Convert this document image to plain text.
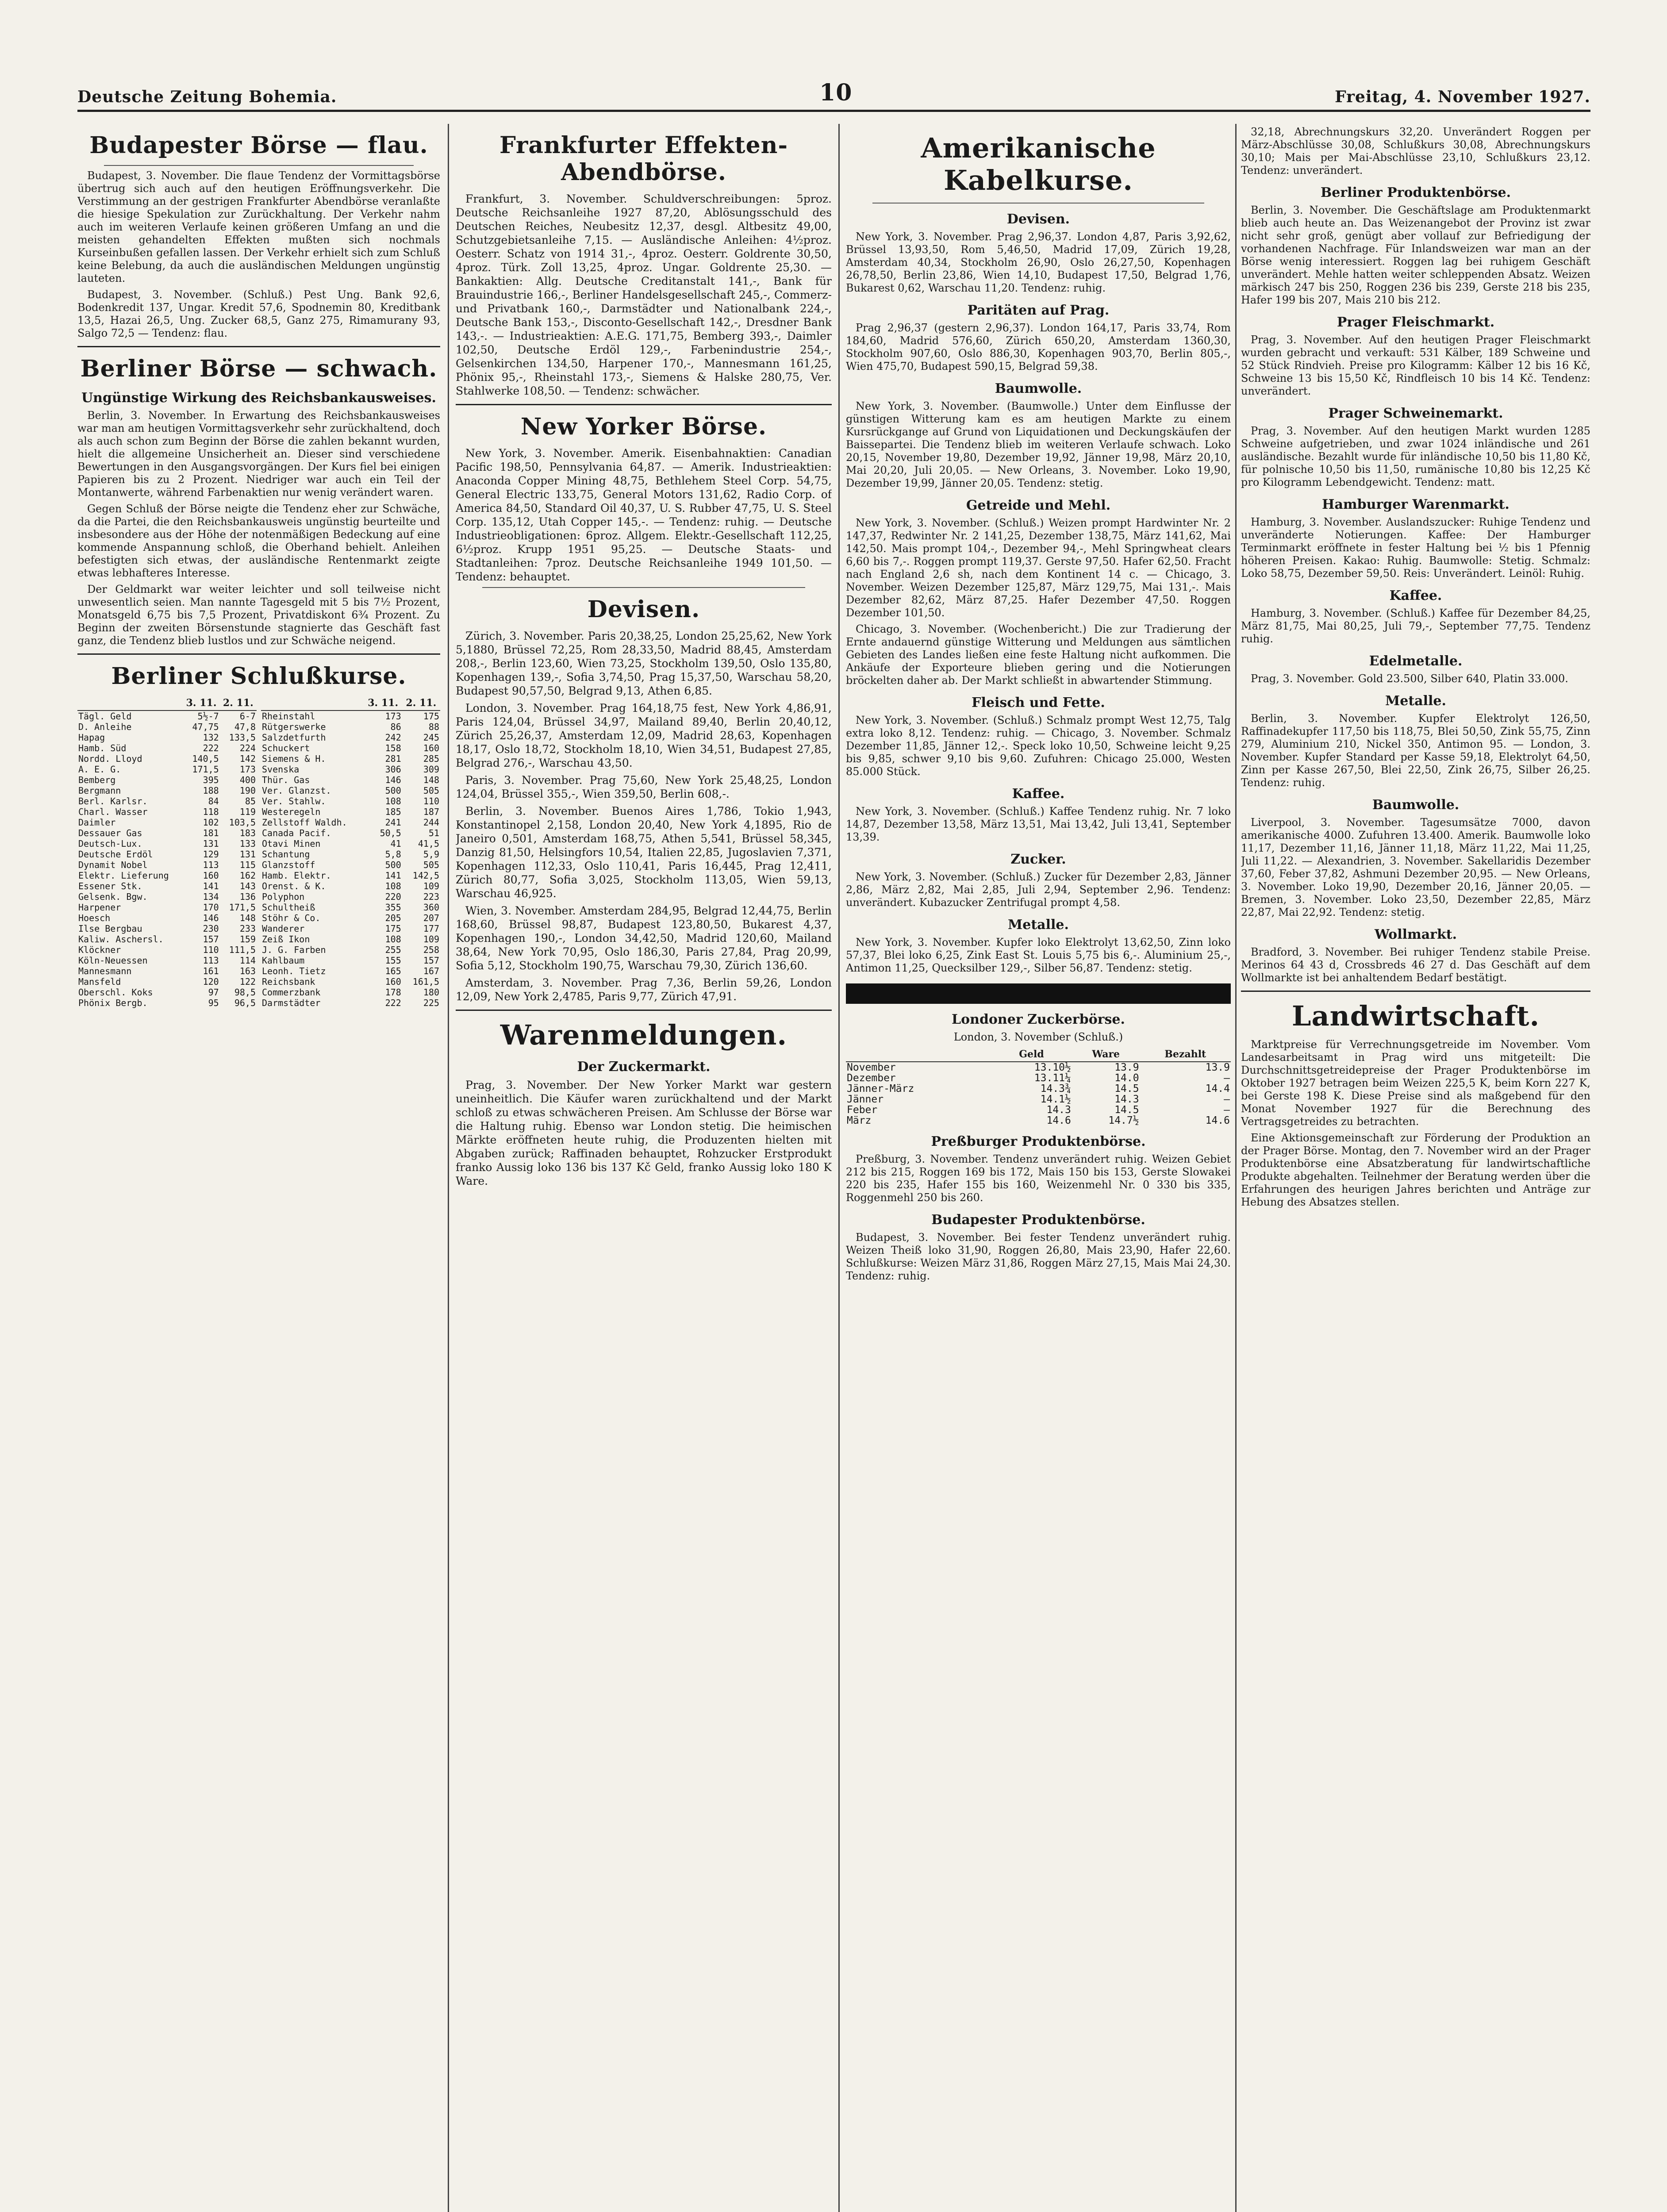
Deutsche Zeitung Bohemia.	10	Freitag, 4. November 1927.
Budapester Börse — flau.

Budapest, 3. November. Die flaue Tendenz der Vormittagsbörse übertrug sich auch auf den heutigen Eröffnungsverkehr. Die Verstimmung an der gestrigen Frankfurter Abendbörse veranlaßte die hiesige Spekulation zur Zurückhaltung. Der Verkehr nahm auch im weiteren Verlaufe keinen größeren Umfang an und die meisten gehandelten Effekten mußten sich nochmals Kurseinbußen gefallen lassen. Der Verkehr erhielt sich zum Schluß keine Belebung, da auch die ausländischen Meldungen ungünstig lauteten.

Budapest, 3. November. (Schluß.) Pest Ung. Bank 92,6, Bodenkredit 137, Ungar. Kredit 57,6, Spodnemin 80, Kreditbank 13,5, Hazai 26,5, Ung. Zucker 68,5, Ganz 275, Rimamurany 93, Salgo 72,5 — Tendenz: flau.

Berliner Börse — schwach.
Ungünstige Wirkung des Reichsbankausweises.

Berlin, 3. November. In Erwartung des Reichsbankausweises war man am heutigen Vormittagsverkehr sehr zurückhaltend, doch als auch schon zum Beginn der Börse die zahlen bekannt wurden, hielt die allgemeine Unsicherheit an. Dieser sind verschiedene Bewertungen in den Ausgangsvorgängen. Der Kurs fiel bei einigen Papieren bis zu 2 Prozent. Niedriger war auch ein Teil der Montanwerte, während Farbenaktien nur wenig verändert waren.

Gegen Schluß der Börse neigte die Tendenz eher zur Schwäche, da die Partei, die den Reichsbankausweis ungünstig beurteilte und insbesondere aus der Höhe der notenmäßigen Bedeckung auf eine kommende Anspannung schloß, die Oberhand behielt. Anleihen befestigten sich etwas, der ausländische Rentenmarkt zeigte etwas lebhafteres Interesse.

Der Geldmarkt war weiter leichter und soll teilweise nicht unwesentlich seien. Man nannte Tagesgeld mit 5 bis 7½ Prozent, Monatsgeld 6,75 bis 7,5 Prozent, Privatdiskont 6¾ Prozent. Zu Beginn der zweiten Börsenstunde stagnierte das Geschäft fast ganz, die Tendenz blieb lustlos und zur Schwäche neigend.

Berliner Schlußkurse.
	3. 11.	2. 11.
Tägl. Geld	5½-7	6-7
D. Anleihe	47,75	47,8
Hapag	132	133,5
Hamb. Süd	222	224
Nordd. Lloyd	140,5	142
A. E. G.	171,5	173
Bemberg	395	400
Bergmann	188	190
Berl. Karlsr.	84	85
Charl. Wasser	118	119
Daimler	102	103,5
Dessauer Gas	181	183
Deutsch-Lux.	131	133
Deutsche Erdöl	129	131
Dynamit Nobel	113	115
Elektr. Lieferung	160	162
Essener Stk.	141	143
Gelsenk. Bgw.	134	136
Harpener	170	171,5
Hoesch	146	148
Ilse Bergbau	230	233
Kaliw. Aschersl.	157	159
Klöckner	110	111,5
Köln-Neuessen	113	114
Mannesmann	161	163
Mansfeld	120	122
Oberschl. Koks	97	98,5
Phönix Bergb.	95	96,5
	3. 11.	2. 11.
Rheinstahl	173	175
Rütgerswerke	86	88
Salzdetfurth	242	245
Schuckert	158	160
Siemens & H.	281	285
Svenska	306	309
Thür. Gas	146	148
Ver. Glanzst.	500	505
Ver. Stahlw.	108	110
Westeregeln	185	187
Zellstoff Waldh.	241	244
Canada Pacif.	50,5	51
Otavi Minen	41	41,5
Schantung	5,8	5,9
Glanzstoff	500	505
Hamb. Elektr.	141	142,5
Orenst. & K.	108	109
Polyphon	220	223
Schultheiß	355	360
Stöhr & Co.	205	207
Wanderer	175	177
Zeiß Ikon	108	109
J. G. Farben	255	258
Kahlbaum	155	157
Leonh. Tietz	165	167
Reichsbank	160	161,5
Commerzbank	178	180
Darmstädter	222	225
Frankfurter Effekten-Abendbörse.

Frankfurt, 3. November. Schuldverschreibungen: 5proz. Deutsche Reichsanleihe 1927 87,20, Ablösungsschuld des Deutschen Reiches, Neubesitz 12,37, desgl. Altbesitz 49,00, Schutzgebietsanleihe 7,15. — Ausländische Anleihen: 4½proz. Oesterr. Schatz von 1914 31,-, 4proz. Oesterr. Goldrente 30,50, 4proz. Türk. Zoll 13,25, 4proz. Ungar. Goldrente 25,30. — Bankaktien: Allg. Deutsche Creditanstalt 141,-, Bank für Brauindustrie 166,-, Berliner Handelsgesellschaft 245,-, Commerz- und Privatbank 160,-, Darmstädter und Nationalbank 224,-, Deutsche Bank 153,-, Disconto-Gesellschaft 142,-, Dresdner Bank 143,-. — Industrieaktien: A.E.G. 171,75, Bemberg 393,-, Daimler 102,50, Deutsche Erdöl 129,-, Farbenindustrie 254,-, Gelsenkirchen 134,50, Harpener 170,-, Mannesmann 161,25, Phönix 95,-, Rheinstahl 173,-, Siemens & Halske 280,75, Ver. Stahlwerke 108,50. — Tendenz: schwächer.

New Yorker Börse.

New York, 3. November. Amerik. Eisenbahnaktien: Canadian Pacific 198,50, Pennsylvania 64,87. — Amerik. Industrieaktien: Anaconda Copper Mining 48,75, Bethlehem Steel Corp. 54,75, General Electric 133,75, General Motors 131,62, Radio Corp. of America 84,50, Standard Oil 40,37, U. S. Rubber 47,75, U. S. Steel Corp. 135,12, Utah Copper 145,-. — Tendenz: ruhig. — Deutsche Industrieobligationen: 6proz. Allgem. Elektr.-Gesellschaft 112,25, 6½proz. Krupp 1951 95,25. — Deutsche Staats- und Stadtanleihen: 7proz. Deutsche Reichsanleihe 1949 101,50. — Tendenz: behauptet.

Devisen.

Zürich, 3. November. Paris 20,38,25, London 25,25,62, New York 5,1880, Brüssel 72,25, Rom 28,33,50, Madrid 88,45, Amsterdam 208,-, Berlin 123,60, Wien 73,25, Stockholm 139,50, Oslo 135,80, Kopenhagen 139,-, Sofia 3,74,50, Prag 15,37,50, Warschau 58,20, Budapest 90,57,50, Belgrad 9,13, Athen 6,85.

London, 3. November. Prag 164,18,75 fest, New York 4,86,91, Paris 124,04, Brüssel 34,97, Mailand 89,40, Berlin 20,40,12, Zürich 25,26,37, Amsterdam 12,09, Madrid 28,63, Kopenhagen 18,17, Oslo 18,72, Stockholm 18,10, Wien 34,51, Budapest 27,85, Belgrad 276,-, Warschau 43,50.

Paris, 3. November. Prag 75,60, New York 25,48,25, London 124,04, Brüssel 355,-, Wien 359,50, Berlin 608,-.

Berlin, 3. November. Buenos Aires 1,786, Tokio 1,943, Konstantinopel 2,158, London 20,40, New York 4,1895, Rio de Janeiro 0,501, Amsterdam 168,75, Athen 5,541, Brüssel 58,345, Danzig 81,50, Helsingfors 10,54, Italien 22,85, Jugoslavien 7,371, Kopenhagen 112,33, Oslo 110,41, Paris 16,445, Prag 12,411, Zürich 80,77, Sofia 3,025, Stockholm 113,05, Wien 59,13, Warschau 46,925.

Wien, 3. November. Amsterdam 284,95, Belgrad 12,44,75, Berlin 168,60, Brüssel 98,87, Budapest 123,80,50, Bukarest 4,37, Kopenhagen 190,-, London 34,42,50, Madrid 120,60, Mailand 38,64, New York 70,95, Oslo 186,30, Paris 27,84, Prag 20,99, Sofia 5,12, Stockholm 190,75, Warschau 79,30, Zürich 136,60.

Amsterdam, 3. November. Prag 7,36, Berlin 59,26, London 12,09, New York 2,4785, Paris 9,77, Zürich 47,91.

Warenmeldungen.
Der Zuckermarkt.

Prag, 3. November. Der New Yorker Markt war gestern uneinheitlich. Die Käufer waren zurückhaltend und der Markt schloß zu etwas schwächeren Preisen. Am Schlusse der Börse war die Haltung ruhig. Ebenso war London stetig. Die heimischen Märkte eröffneten heute ruhig, die Produzenten hielten mit Abgaben zurück; Raffinaden behauptet, Rohzucker Erstprodukt franko Aussig loko 136 bis 137 Kč Geld, franko Aussig loko 180 K Ware.

Amerikanische Kabelkurse.
Devisen.

New York, 3. November. Prag 2,96,37. London 4,87, Paris 3,92,62, Brüssel 13,93,50, Rom 5,46,50, Madrid 17,09, Zürich 19,28, Amsterdam 40,34, Stockholm 26,90, Oslo 26,27,50, Kopenhagen 26,78,50, Berlin 23,86, Wien 14,10, Budapest 17,50, Belgrad 1,76, Bukarest 0,62, Warschau 11,20. Tendenz: ruhig.

Paritäten auf Prag.

Prag 2,96,37 (gestern 2,96,37). London 164,17, Paris 33,74, Rom 184,60, Madrid 576,60, Zürich 650,20, Amsterdam 1360,30, Stockholm 907,60, Oslo 886,30, Kopenhagen 903,70, Berlin 805,-, Wien 475,70, Budapest 590,15, Belgrad 59,38.

Baumwolle.

New York, 3. November. (Baumwolle.) Unter dem Einflusse der günstigen Witterung kam es am heutigen Markte zu einem Kursrückgange auf Grund von Liquidationen und Deckungskäufen der Baissepartei. Die Tendenz blieb im weiteren Verlaufe schwach. Loko 20,15, November 19,80, Dezember 19,92, Jänner 19,98, März 20,10, Mai 20,20, Juli 20,05. — New Orleans, 3. November. Loko 19,90, Dezember 19,99, Jänner 20,05. Tendenz: stetig.

Getreide und Mehl.

New York, 3. November. (Schluß.) Weizen prompt Hardwinter Nr. 2 147,37, Redwinter Nr. 2 141,25, Dezember 138,75, März 141,62, Mai 142,50. Mais prompt 104,-, Dezember 94,-, Mehl Springwheat clears 6,60 bis 7,-. Roggen prompt 119,37. Gerste 97,50. Hafer 62,50. Fracht nach England 2,6 sh, nach dem Kontinent 14 c. — Chicago, 3. November. Weizen Dezember 125,87, März 129,75, Mai 131,-. Mais Dezember 82,62, März 87,25. Hafer Dezember 47,50. Roggen Dezember 101,50.

Chicago, 3. November. (Wochenbericht.) Die zur Tradierung der Ernte andauernd günstige Witterung und Meldungen aus sämtlichen Gebieten des Landes ließen eine feste Haltung nicht aufkommen. Die Ankäufe der Exporteure blieben gering und die Notierungen bröckelten daher ab. Der Markt schließt in abwartender Stimmung.

Fleisch und Fette.

New York, 3. November. (Schluß.) Schmalz prompt West 12,75, Talg extra loko 8,12. Tendenz: ruhig. — Chicago, 3. November. Schmalz Dezember 11,85, Jänner 12,-. Speck loko 10,50, Schweine leicht 9,25 bis 9,85, schwer 9,10 bis 9,60. Zufuhren: Chicago 25.000, Westen 85.000 Stück.

Kaffee.

New York, 3. November. (Schluß.) Kaffee Tendenz ruhig. Nr. 7 loko 14,87, Dezember 13,58, März 13,51, Mai 13,42, Juli 13,41, September 13,39.

Zucker.

New York, 3. November. (Schluß.) Zucker für Dezember 2,83, Jänner 2,86, März 2,82, Mai 2,85, Juli 2,94, September 2,96. Tendenz: unverändert. Kubazucker Zentrifugal prompt 4,58.

Metalle.

New York, 3. November. Kupfer loko Elektrolyt 13,62,50, Zinn loko 57,37, Blei loko 6,25, Zink East St. Louis 5,75 bis 6,-. Aluminium 25,-, Antimon 11,25, Quecksilber 129,-, Silber 56,87. Tendenz: stetig.

Londoner Zuckerbörse.

London, 3. November (Schluß.)

	Geld	Ware	Bezahlt
November	13.10½	13.9	13.9
Dezember	13.11¼	14.0	—
Jänner-März	14.3¾	14.5	14.4
Jänner	14.1½	14.3	—
Feber	14.3	14.5	—
März	14.6	14.7½	14.6
Preßburger Produktenbörse.

Preßburg, 3. November. Tendenz unverändert ruhig. Weizen Gebiet 212 bis 215, Roggen 169 bis 172, Mais 150 bis 153, Gerste Slowakei 220 bis 235, Hafer 155 bis 160, Weizenmehl Nr. 0 330 bis 335, Roggenmehl 250 bis 260.

Budapester Produktenbörse.

Budapest, 3. November. Bei fester Tendenz unverändert ruhig. Weizen Theiß loko 31,90, Roggen 26,80, Mais 23,90, Hafer 22,60. Schlußkurse: Weizen März 31,86, Roggen März 27,15, Mais Mai 24,30. Tendenz: ruhig.

32,18, Abrechnungskurs 32,20. Unverändert Roggen per März-Abschlüsse 30,08, Schlußkurs 30,08, Abrechnungskurs 30,10; Mais per Mai-Abschlüsse 23,10, Schlußkurs 23,12. Tendenz: unverändert.

Berliner Produktenbörse.

Berlin, 3. November. Die Geschäftslage am Produktenmarkt blieb auch heute an. Das Weizenangebot der Provinz ist zwar nicht sehr groß, genügt aber vollauf zur Befriedigung der vorhandenen Nachfrage. Für Inlandsweizen war man an der Börse wenig interessiert. Roggen lag bei ruhigem Geschäft unverändert. Mehle hatten weiter schleppenden Absatz. Weizen märkisch 247 bis 250, Roggen 236 bis 239, Gerste 218 bis 235, Hafer 199 bis 207, Mais 210 bis 212.

Prager Fleischmarkt.

Prag, 3. November. Auf den heutigen Prager Fleischmarkt wurden gebracht und verkauft: 531 Kälber, 189 Schweine und 52 Stück Rindvieh. Preise pro Kilogramm: Kälber 12 bis 16 Kč, Schweine 13 bis 15,50 Kč, Rindfleisch 10 bis 14 Kč. Tendenz: unverändert.

Prager Schweinemarkt.

Prag, 3. November. Auf den heutigen Markt wurden 1285 Schweine aufgetrieben, und zwar 1024 inländische und 261 ausländische. Bezahlt wurde für inländische 10,50 bis 11,80 Kč, für polnische 10,50 bis 11,50, rumänische 10,80 bis 12,25 Kč pro Kilogramm Lebendgewicht. Tendenz: matt.

Hamburger Warenmarkt.

Hamburg, 3. November. Auslandszucker: Ruhige Tendenz und unveränderte Notierungen. Kaffee: Der Hamburger Terminmarkt eröffnete in fester Haltung bei ½ bis 1 Pfennig höheren Preisen. Kakao: Ruhig. Baumwolle: Stetig. Schmalz: Loko 58,75, Dezember 59,50. Reis: Unverändert. Leinöl: Ruhig.

Kaffee.

Hamburg, 3. November. (Schluß.) Kaffee für Dezember 84,25, März 81,75, Mai 80,25, Juli 79,-, September 77,75. Tendenz ruhig.

Edelmetalle.

Prag, 3. November. Gold 23.500, Silber 640, Platin 33.000.

Metalle.

Berlin, 3. November. Kupfer Elektrolyt 126,50, Raffinadekupfer 117,50 bis 118,75, Blei 50,50, Zink 55,75, Zinn 279, Aluminium 210, Nickel 350, Antimon 95. — London, 3. November. Kupfer Standard per Kasse 59,18, Elektrolyt 64,50, Zinn per Kasse 267,50, Blei 22,50, Zink 26,75, Silber 26,25. Tendenz: ruhig.

Baumwolle.

Liverpool, 3. November. Tagesumsätze 7000, davon amerikanische 4000. Zufuhren 13.400. Amerik. Baumwolle loko 11,17, Dezember 11,16, Jänner 11,18, März 11,22, Mai 11,25, Juli 11,22. — Alexandrien, 3. November. Sakellaridis Dezember 37,60, Feber 37,82, Ashmuni Dezember 20,95. — New Orleans, 3. November. Loko 19,90, Dezember 20,16, Jänner 20,05. — Bremen, 3. November. Loko 23,50, Dezember 22,85, März 22,87, Mai 22,92. Tendenz: stetig.

Wollmarkt.

Bradford, 3. November. Bei ruhiger Tendenz stabile Preise. Merinos 64 43 d, Crossbreds 46 27 d. Das Geschäft auf dem Wollmarkte ist bei anhaltendem Bedarf bestätigt.

Landwirtschaft.

Marktpreise für Verrechnungsgetreide im November. Vom Landesarbeitsamt in Prag wird uns mitgeteilt: Die Durchschnittsgetreidepreise der Prager Produktenbörse im Oktober 1927 betragen beim Weizen 225,5 K, beim Korn 227 K, bei Gerste 198 K. Diese Preise sind als maßgebend für den Monat November 1927 für die Berechnung des Vertragsgetreides zu betrachten.

Eine Aktionsgemeinschaft zur Förderung der Produktion an der Prager Börse. Montag, den 7. November wird an der Prager Produktenbörse eine Absatzberatung für landwirtschaftliche Produkte abgehalten. Teilnehmer der Beratung werden über die Erfahrungen des heurigen Jahres berichten und Anträge zur Hebung des Absatzes stellen.
